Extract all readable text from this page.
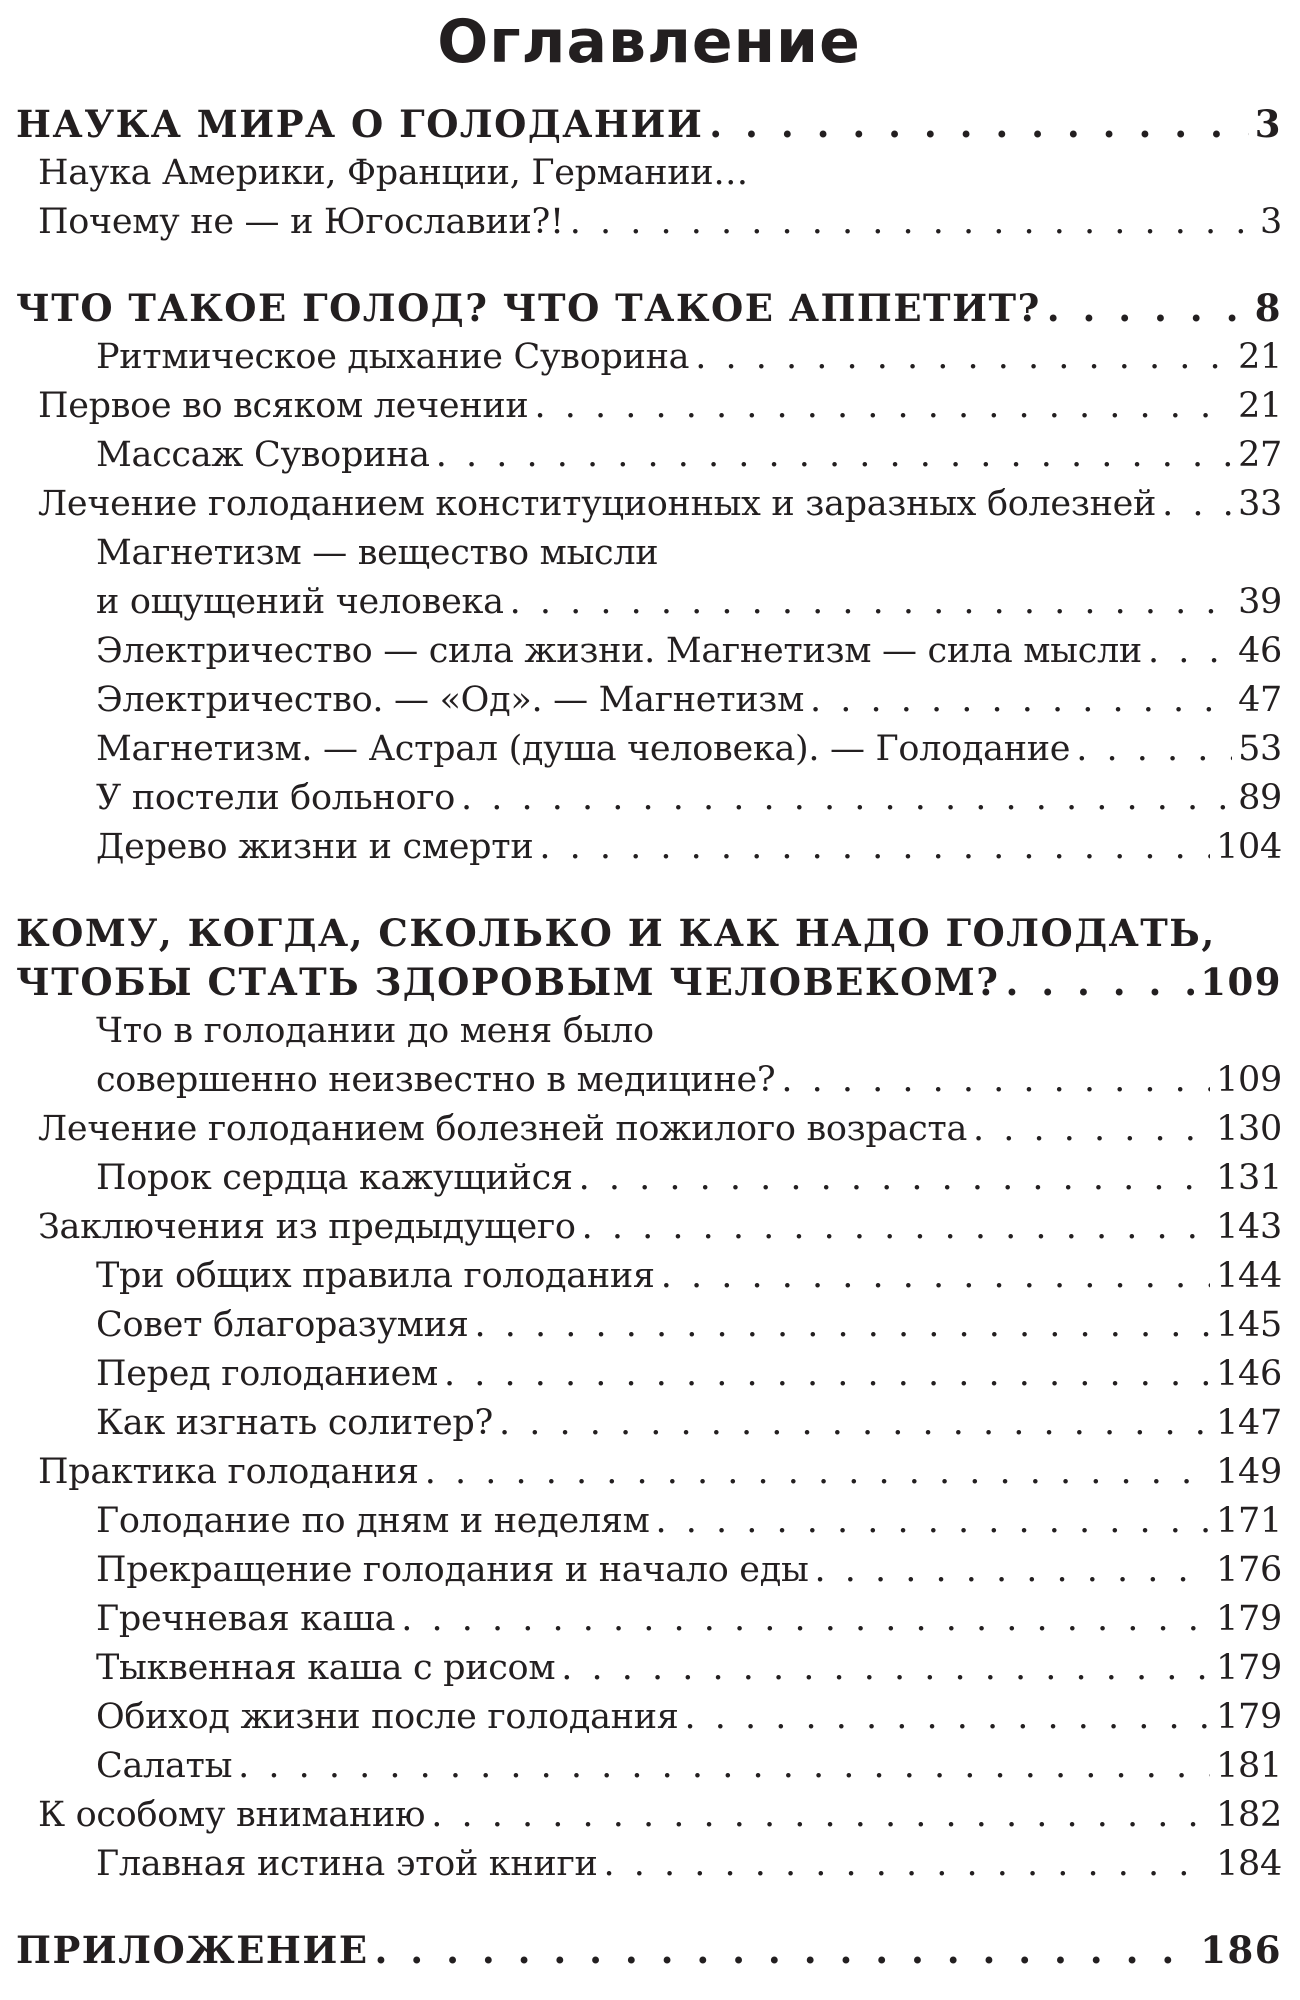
Оглавление
НАУКА МИРА О ГОЛОДАНИИ . . .	3
Наука Америки, Франции, Германии…
Почему не — и Югославии?! . . .	3
ЧТО ТАКОЕ ГОЛОД? ЧТО ТАКОЕ АППЕТИТ? . . .	8
Ритмическое дыхание Суворина . . .	21
Первое во всяком лечении . . .	21
Массаж Суворина . . .	27
Лечение голоданием конституционных и заразных болезней . . . 33
Магнетизм — вещество мысли
и ощущений человека . . .	39
Электричество — сила жизни. Магнетизм — сила мысли . . .	46
Электричество. — «Од». — Магнетизм . . .	47
Магнетизм. — Астрал (душа человека). — Голодание . . .	53
У постели больного . . .	89
Дерево жизни и смерти . . .	104
КОМУ, КОГДА, СКОЛЬКО И КАК НАДО ГОЛОДАТЬ,
ЧТОБЫ СТАТЬ ЗДОРОВЫМ ЧЕЛОВЕКОМ? . . .	109
Что в голодании до меня было
совершенно неизвестно в медицине? . . .	109
Лечение голоданием болезней пожилого возраста . . .	130
Порок сердца кажущийся . . .	131
Заключения из предыдущего . . .	143
Три общих правила голодания . . .	144
Совет благоразумия . . .	145
Перед голоданием . . .	146
Как изгнать солитер? . . .	147
Практика голодания . . .	149
Голодание по дням и неделям . . .	171
Прекращение голодания и начало еды . . .	176
Гречневая каша . . .	179
Тыквенная каша с рисом . . .	179
Обиход жизни после голодания . . .	179
Салаты . . .	181
К особому вниманию . . .	182
Главная истина этой книги . . .	184
ПРИЛОЖЕНИЕ . . .	186
